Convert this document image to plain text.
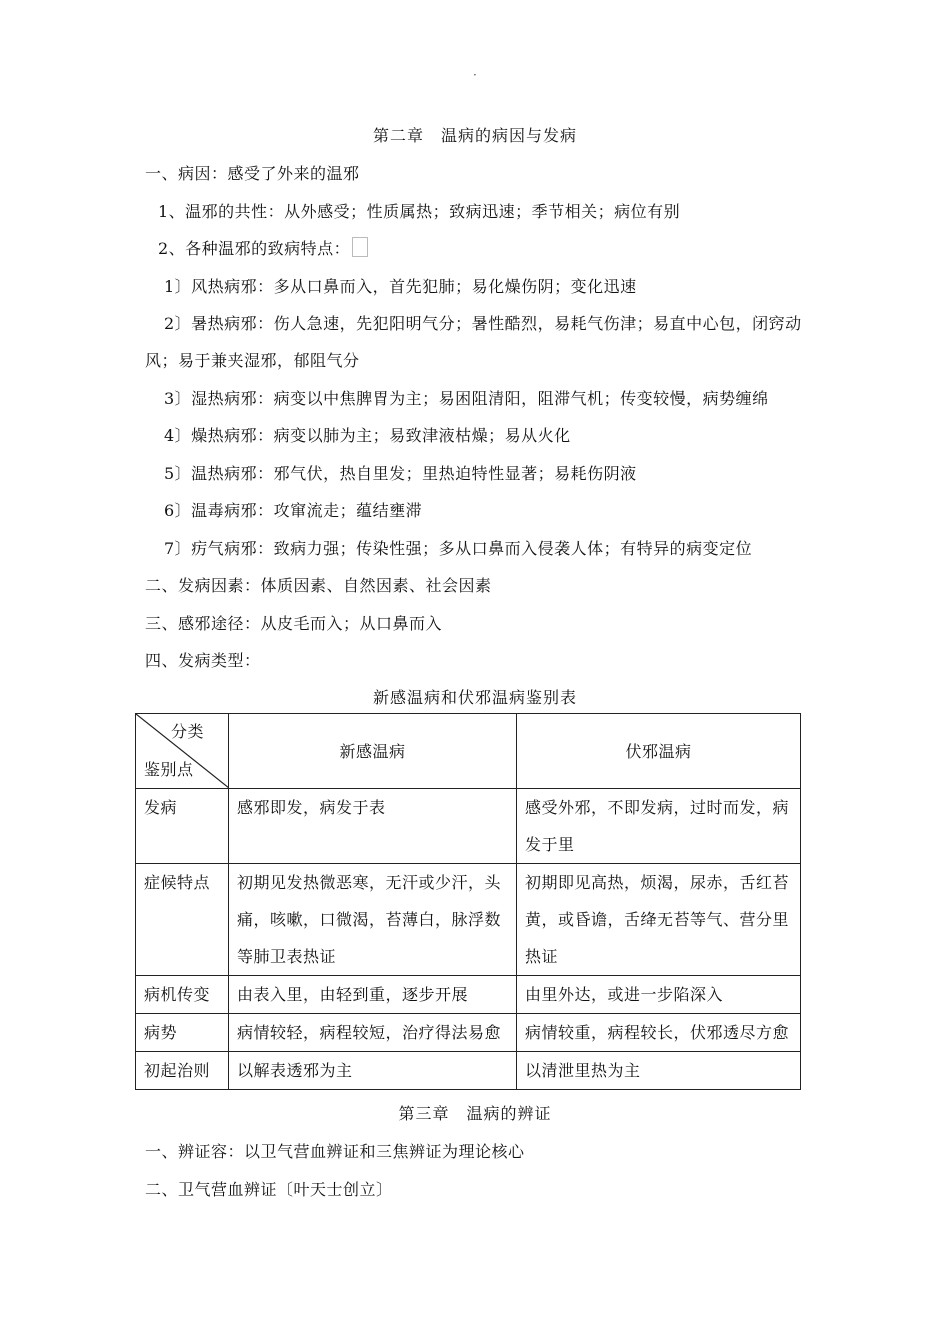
·
第二章　温病的病因与发病
一、病因：感受了外来的温邪
1、温邪的共性：从外感受；性质属热；致病迅速；季节相关；病位有别
2、各种温邪的致病特点：
1〕风热病邪：多从口鼻而入，首先犯肺；易化燥伤阴；变化迅速
2〕暑热病邪：伤人急速，先犯阳明气分；暑性酷烈，易耗气伤津；易直中心包，闭窍动
风；易于兼夹湿邪，郁阻气分
3〕湿热病邪：病变以中焦脾胃为主；易困阻清阳，阻滞气机；传变较慢，病势缠绵
4〕燥热病邪：病变以肺为主；易致津液枯燥；易从火化
5〕温热病邪：邪气伏，热自里发；里热迫特性显著；易耗伤阴液
6〕温毒病邪：攻窜流走；蕴结壅滞
7〕疠气病邪：致病力强；传染性强；多从口鼻而入侵袭人体；有特异的病变定位
二、发病因素：体质因素、自然因素、社会因素
三、感邪途径：从皮毛而入；从口鼻而入
四、发病类型：
新感温病和伏邪温病鉴别表
分类
鉴别点	新感温病	伏邪温病
发病	感邪即发，病发于表	感受外邪，不即发病，过时而发，病发于里
症候特点	初期见发热微恶寒，无汗或少汗，头痛，咳嗽，口微渴，苔薄白，脉浮数等肺卫表热证	初期即见高热，烦渴，尿赤，舌红苔黄，或昏谵，舌绛无苔等气、营分里热证
病机传变	由表入里，由轻到重，逐步开展	由里外达，或进一步陷深入
病势	病情较轻，病程较短，治疗得法易愈	病情较重，病程较长，伏邪透尽方愈
初起治则	以解表透邪为主	以清泄里热为主
第三章　温病的辨证
一、辨证容：以卫气营血辨证和三焦辨证为理论核心
二、卫气营血辨证〔叶天士创立〕
